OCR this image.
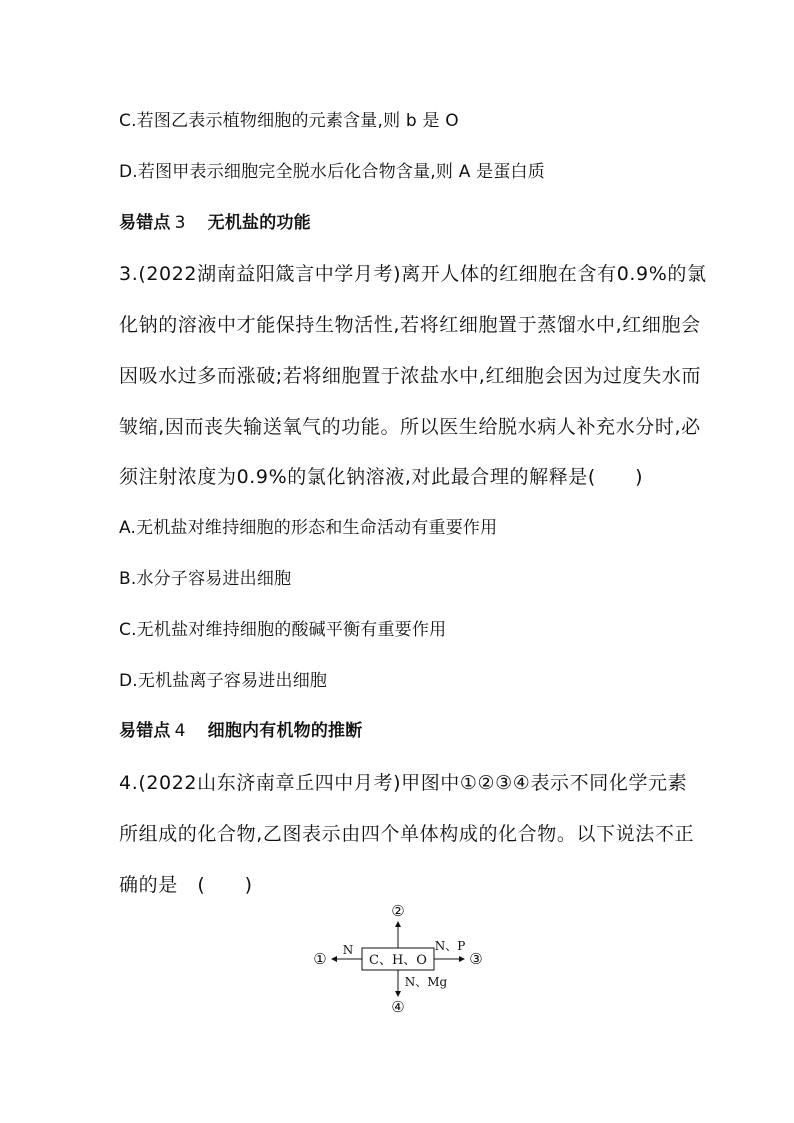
C.若图乙表示植物细胞的元素含量,则 b 是 O
D.若图甲表示细胞完全脱水后化合物含量,则 A 是蛋白质
易错点 3 无机盐的功能
3.(2022湖南益阳箴言中学月考)离开人体的红细胞在含有0.9%的氯
化钠的溶液中才能保持生物活性,若将红细胞置于蒸馏水中,红细胞会
因吸水过多而涨破;若将细胞置于浓盐水中,红细胞会因为过度失水而
皱缩,因而丧失输送氧气的功能。所以医生给脱水病人补充水分时,必
须注射浓度为0.9%的氯化钠溶液,对此最合理的解释是(　　)
A.无机盐对维持细胞的形态和生命活动有重要作用
B.水分子容易进出细胞
C.无机盐对维持细胞的酸碱平衡有重要作用
D.无机盐离子容易进出细胞
易错点 4 细胞内有机物的推断
4.(2022山东济南章丘四中月考)甲图中①②③④表示不同化学元素
所组成的化合物,乙图表示由四个单体构成的化合物。以下说法不正
确的是　(　　)
C、H、O
②
① N	③
N、P
④
N、Mg
